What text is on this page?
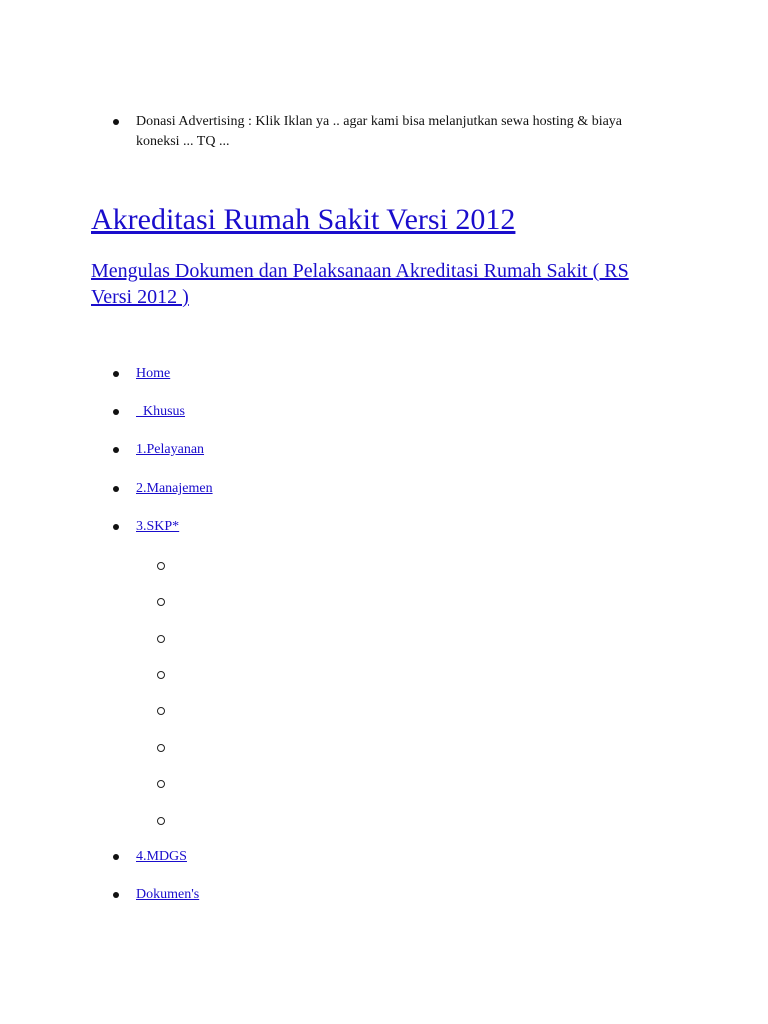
Donasi Advertising : Klik Iklan ya .. agar kami bisa melanjutkan sewa hosting & biaya koneksi ... TQ ...
Akreditasi Rumah Sakit Versi 2012
Mengulas Dokumen dan Pelaksanaan Akreditasi Rumah Sakit ( RS Versi 2012 )
Home
Khusus
1.Pelayanan
2.Manajemen
3.SKP*
4.MDGS
Dokumen's
